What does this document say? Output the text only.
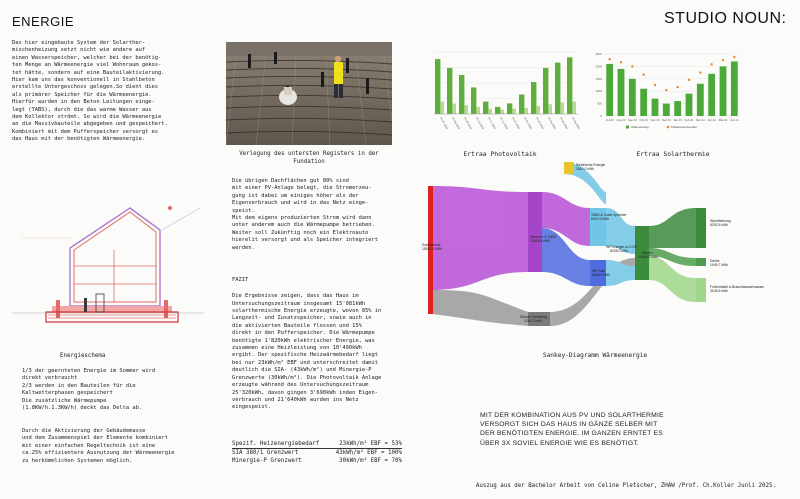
ENERGIE	STUDIO NOUN:
Das hier eingebaute System der Solarther-
mischenheizung setzt nicht wie andere auf
einen Wasserspeicher, welcher bei der benötig-
ten Menge an Wärmeenergie viel Wohnraum gekos-
tet hätte, sondern auf eine Bauteilaktivierung.
Hier kam uns das konventionell in Stahlbeton
erstellte Untergeschoss gelegen.So dient dies
als primärer Speicher für die Wärmeenergie.
Hierfür wurden in den Beton Leitungen einge-
legt (TABS), durch die das warme Wasser aus
dem Kollektor strömt. So wird die Wärmeenergie
an die Massivbauteile abgegeben und gespeichert.
Kombiniert mit dem Pufferspeicher versorgt es
das Haus mit der benötigten Wärmeenergie.
Verlegung des untersten Registers in der
Fundation
Energieschema
1/3 der geernteten Energie im Sommer wird
direkt verbraucht
2/3 werden in den Bauteilen für die
Kaltwetterphasen gespeichert
Die zusätzliche Wärmepumpe
(1.8KW/h.1.3KW/h) deckt das Delta ab.
Durch die Aktivierung der Gebäudemasse
und dem Zusammenspiel der Elemente kombiniert
mit einer einfachen Regeltechnik ist eine
ca.25% effizientere Ausnutzung der Wärmeenergie
zu herkömmlichen Systemen möglich.
Die übrigen Dachflächen gut 80% sind
mit einer PV-Anlage belegt, die Stromerzeu-
gung ist dabei um einiges höher als der
Eigenverbrauch und wird in das Netz einge-
speist.
Mit dem eigens produzierten Strom wird dann
unter anderem auch die Wärmepumpe betrieben.
Weiter soll Zukünftig noch ein Elektroauto
hierelit versorgt und als Speicher integriert
werden.

FAZIT

Die Ergebnisse zeigen, dass das Haus im
Untersuchungszeitraum insgesamt 15'081kWh
solarthermische Energie erzeugte, wovon 85% in
Langzeit- und Zusatzspeicher, sowie auch in
die aktivierten Bauteile flossen und 15%
direkt in den Pufferspeicher. Die Wärmepumpe
benötigte 1'820kWh elektrischer Energie, was
zusammen eine Heizleistung von 10'490kWh
ergibt. Der spezifische Heizwärmebedarf liegt
bei nur 23kWh/m² EBF und unterschreitet damit
deutlich die SIA- (43kWh/m²) und Minergie-P
Grenzwerte (30kWh/m²). Die Photovoltaik Anlage
erzeugte während des Untersuchungszeitraum
25'320kWh, davon gingen 3'690kWh inden Eigen-
verbrauch und 21'640kWh wurden ins Netz
eingespeist.

Spezif. Heizenergiebedarf	23kWh/m² EBF = 53%
SIA 380/1 Grenzwert	43kWh/m² EBF = 100%
Minergie-P Grenzwert	30kWh/m² EBF = 70%
01.07.2023	01.08.2023	01.09.2023	01.10.2023	01.11.2023	01.12.2023	01.01.2024	01.02.2024	01.03.2024	01.04.2024	01.05.2024	01.06.2024
0
500
1000
1500
2000
2500
Jul 23 Aug 23 Sep 23 Okt 23 Nov 23 Dez 23 Jan 24 Feb 24 Mar 24 Apr 24 Mai 24 Jun 24
Wärmeertrag	Kollektortemperatur
Ertraa Photovoltaik	Ertraa Solarthermie
Solartherme 15081.0 kWh
Speicher & TABS 12818.9 kWh
Direkte Verteilung 2262.2 kWh
Elektrische Energie 1820.0 kWh
TABS & Zuatz Speicher 6410.9 kWh
WP Sole 6408.0 kWh
WP Energie zu COP 8228.0 kWh	Heizen 10490.2 kWh
Wandheizung 6293.9 kWh
Decke 1049.7 kWh
Fußenhaltel & Brauchwasserwasser 3146.6 kWh
Sankey-Diagramm Wärmeenergie
MIT DER KOMBINATION AUS PV UND SOLARTHERMIE
VERSORGT SICH DAS HAUS IN GÄNZE SELBER MIT
DER BENÖTIGTEN ENERGIE. IM GANZEN ERNTET ES
ÜBER 3X SOVIEL ENERGIE WIE ES BENÖTIGT.
Auszug aus der Bachelor Arbeit von Celine Pletscher, ZHAW /Prof. Ch.Koller Junli 2025.
